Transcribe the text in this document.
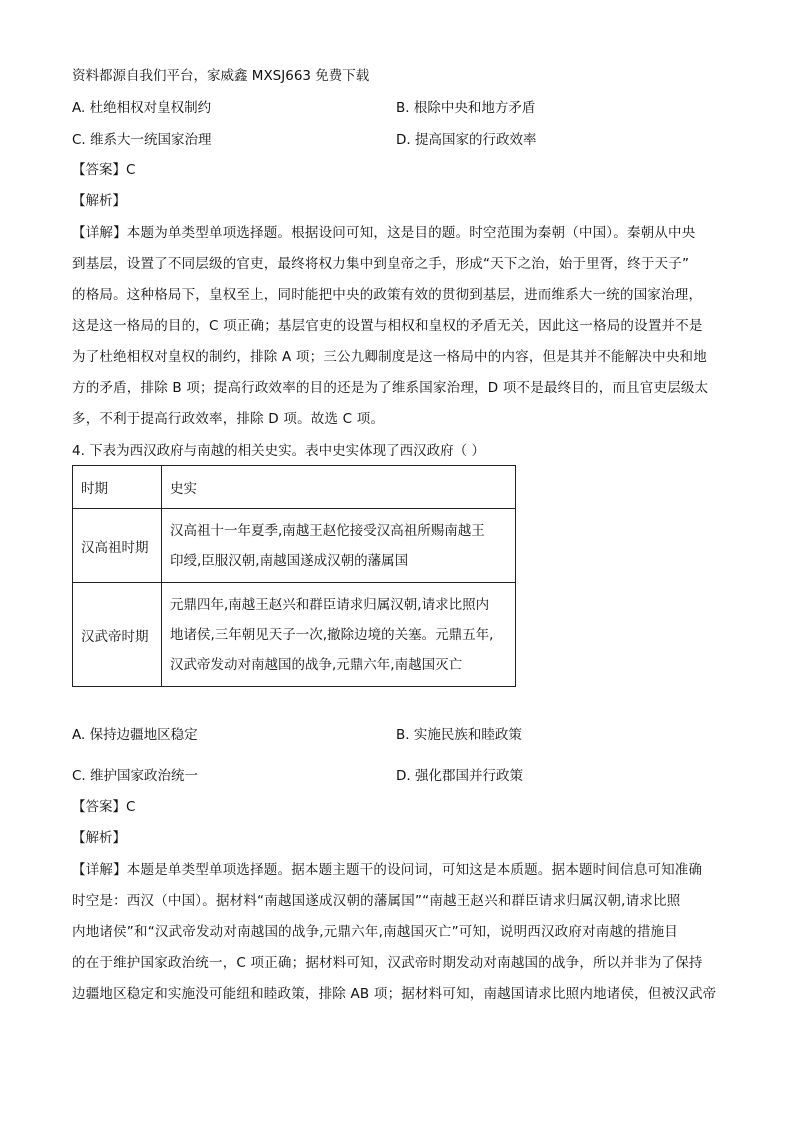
资料都源自我们平台，家威鑫 MXSJ663 免费下载
A. 杜绝相权对皇权制约	B. 根除中央和地方矛盾
C. 维系大一统国家治理	D. 提高国家的行政效率
【答案】C
【解析】
【详解】本题为单类型单项选择题。根据设问可知，这是目的题。时空范围为秦朝（中国）。秦朝从中央
到基层，设置了不同层级的官吏，最终将权力集中到皇帝之手，形成“天下之治，始于里胥，终于天子”
的格局。这种格局下，皇权至上，同时能把中央的政策有效的贯彻到基层，进而维系大一统的国家治理，
这是这一格局的目的，C 项正确；基层官吏的设置与相权和皇权的矛盾无关，因此这一格局的设置并不是
为了杜绝相权对皇权的制约，排除 A 项；三公九卿制度是这一格局中的内容，但是其并不能解决中央和地
方的矛盾，排除 B 项；提高行政效率的目的还是为了维系国家治理，D 项不是最终目的，而且官吏层级太
多，不利于提高行政效率，排除 D 项。故选 C 项。
4. 下表为西汉政府与南越的相关史实。表中史实体现了西汉政府（ ）
时期	史实
汉高祖时期	汉高祖十一年夏季,南越王赵佗接受汉高祖所赐南越王
印绶,臣服汉朝,南越国遂成汉朝的藩属国

汉武帝时期	元鼎四年,南越王赵兴和群臣请求归属汉朝,请求比照内
地诸侯,三年朝见天子一次,撤除边境的关塞。元鼎五年,
汉武帝发动对南越国的战争,元鼎六年,南越国灭亡
A. 保持边疆地区稳定	B. 实施民族和睦政策
C. 维护国家政治统一	D. 强化郡国并行政策
【答案】C
【解析】
【详解】本题是单类型单项选择题。据本题主题干的设问词，可知这是本质题。据本题时间信息可知准确
时空是：西汉（中国）。据材料“南越国遂成汉朝的藩属国”“南越王赵兴和群臣请求归属汉朝,请求比照
内地诸侯”和“汉武帝发动对南越国的战争,元鼎六年,南越国灭亡”可知，说明西汉政府对南越的措施目
的在于维护国家政治统一，C 项正确；据材料可知，汉武帝时期发动对南越国的战争，所以并非为了保持
边疆地区稳定和实施没可能纽和睦政策，排除 AB 项；据材料可知，南越国请求比照内地诸侯，但被汉武帝
